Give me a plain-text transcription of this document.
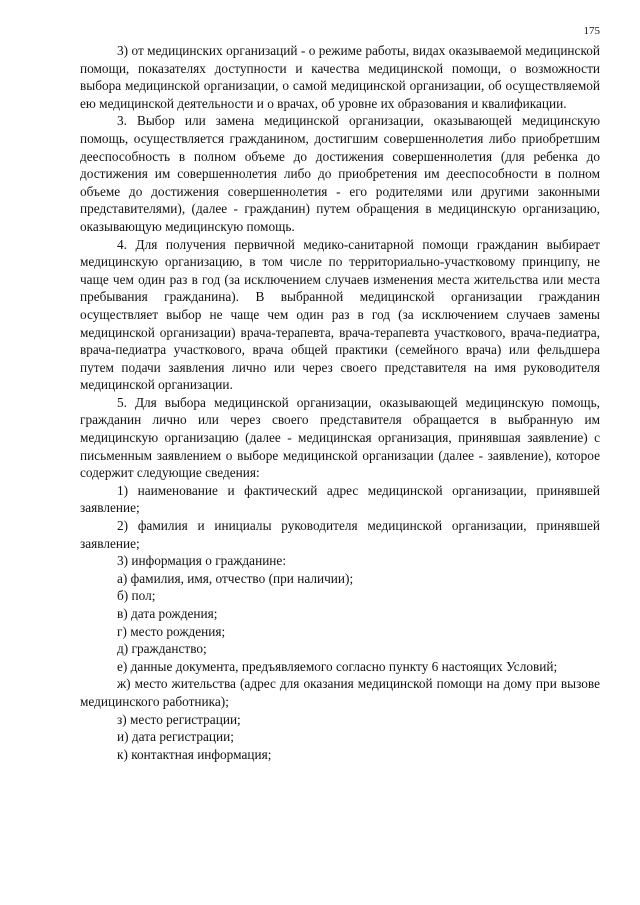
175

3) от медицинских организаций - о режиме работы, видах оказываемой медицинской помощи, показателях доступности и качества медицинской помощи, о возможности выбора медицинской организации, о самой медицинской организации, об осуществляемой ею медицинской деятельности и о врачах, об уровне их образования и квалификации.

3. Выбор или замена медицинской организации, оказывающей медицинскую помощь, осуществляется гражданином, достигшим совершеннолетия либо приобретшим дееспособность в полном объеме до достижения совершеннолетия (для ребенка до достижения им совершеннолетия либо до приобретения им дееспособности в полном объеме до достижения совершеннолетия - его родителями или другими законными представителями), (далее - гражданин) путем обращения в медицинскую организацию, оказывающую медицинскую помощь.

4. Для получения первичной медико-санитарной помощи гражданин выбирает медицинскую организацию, в том числе по территориально-участковому принципу, не чаще чем один раз в год (за исключением случаев изменения места жительства или места пребывания гражданина). В выбранной медицинской организации гражданин осуществляет выбор не чаще чем один раз в год (за исключением случаев замены медицинской организации) врача-терапевта, врача-терапевта участкового, врача-педиатра, врача-педиатра участкового, врача общей практики (семейного врача) или фельдшера путем подачи заявления лично или через своего представителя на имя руководителя медицинской организации.

5. Для выбора медицинской организации, оказывающей медицинскую помощь, гражданин лично или через своего представителя обращается в выбранную им медицинскую организацию (далее - медицинская организация, принявшая заявление) с письменным заявлением о выборе медицинской организации (далее - заявление), которое содержит следующие сведения:

1) наименование и фактический адрес медицинской организации, принявшей заявление;

2) фамилия и инициалы руководителя медицинской организации, принявшей заявление;

3) информация о гражданине:

а) фамилия, имя, отчество (при наличии);

б) пол;

в) дата рождения;

г) место рождения;

д) гражданство;

е) данные документа, предъявляемого согласно пункту 6 настоящих Условий;

ж) место жительства (адрес для оказания медицинской помощи на дому при вызове медицинского работника);

з) место регистрации;

и) дата регистрации;

к) контактная информация;
